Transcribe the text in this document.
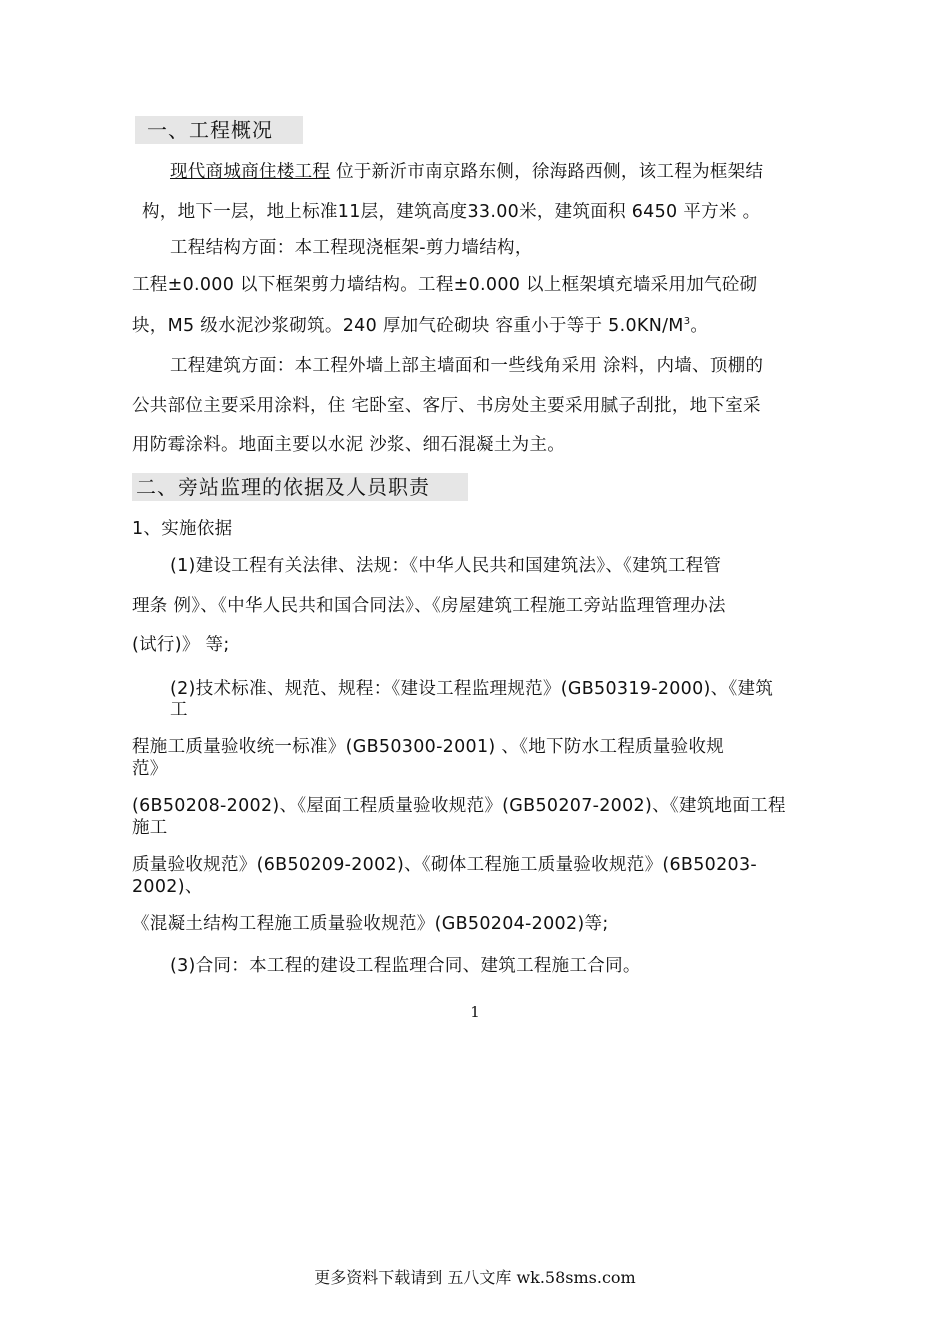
一、工程概况
现代商城商住楼工程 位于新沂市南京路东侧，徐海路西侧，该工程为框架结
构，地下一层，地上标准11层，建筑高度33.00米，建筑面积 6450 平方米 。
工程结构方面：本工程现浇框架-剪力墙结构，
工程±0.000 以下框架剪力墙结构。工程±0.000 以上框架填充墙采用加气砼砌
块，M5 级水泥沙浆砌筑。240 厚加气砼砌块 容重小于等于 $5.0KN/M^3$。
工程建筑方面：本工程外墙上部主墙面和一些线角采用 涂料，内墙、顶棚的
公共部位主要采用涂料，住 宅卧室、客厅、书房处主要采用腻子刮批，地下室采
用防霉涂料。地面主要以水泥 沙浆、细石混凝土为主。
二、旁站监理的依据及人员职责
1、实施依据
(1)建设工程有关法律、法规：《中华人民共和国建筑法》、《建筑工程管
理条 例》、《中华人民共和国合同法》、《房屋建筑工程施工旁站监理管理办法
(试行)》 等;
(2)技术标准、规范、规程：《建设工程监理规范》(GB50319-2000)、《建筑
工
程施工质量验收统一标准》(GB50300-2001) 、《地下防水工程质量验收规
范》
(6B50208-2002)、《屋面工程质量验收规范》(GB50207-2002)、《建筑地面工程
施工
质量验收规范》(6B50209-2002)、《砌体工程施工质量验收规范》(6B50203-
2002)、
《混凝土结构工程施工质量验收规范》(GB50204-2002)等;
(3)合同：本工程的建设工程监理合同、建筑工程施工合同。
1
更多资料下载请到 五八文库 wk.58sms.com
